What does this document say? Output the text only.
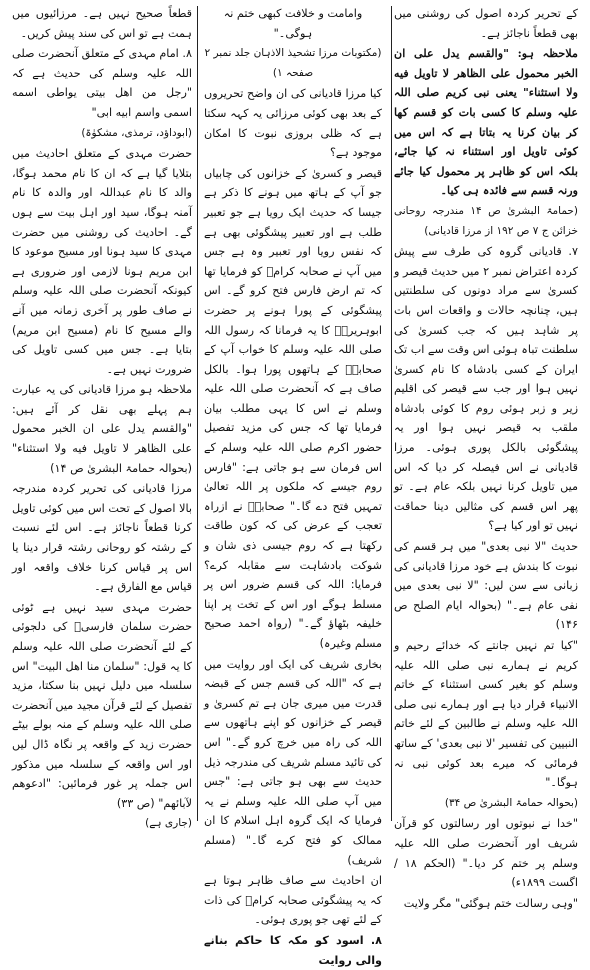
کے تحریر کردہ اصول کی روشنی میں بھی قطعاً ناجائز ہے۔

ملاحظہ ہو: "والقسم یدل علی ان الخبر محمول علی الظاهر لا تاویل فیه ولا استثناء" یعنی نبی کریم صلی اللہ علیہ وسلم کا کسی بات کو قسم کھا کر بیان کرنا یہ بتاتا ہے کہ اس میں کوئی تاویل اور استثناء نہ کیا جائے، بلکہ اس کو ظاہر پر محمول کیا جائے ورنہ قسم سے فائدہ ہی کیا۔

(حمامۃ البشریٰ ص ۱۴ مندرجہ روحانی خزائن ج ۷ ص ۱۹۲ از مرزا قادیانی)

۷. قادیانی گروہ کی طرف سے پیش کردہ اعتراض نمبر ۲ میں حدیث قیصر و کسریٰ سے مراد دونوں کی سلطنتیں ہیں، چنانچہ حالات و واقعات اس بات پر شاہد ہیں کہ جب کسریٰ کی سلطنت تباہ ہوئی اس وقت سے اب تک ایران کے کسی بادشاہ کا نام کسریٰ نہیں ہوا اور جب سے قیصر کی اقلیم زیر و زبر ہوئی روم کا کوئی بادشاہ ملقب بہ قیصر نہیں ہوا اور یہ پیشگوئی بالکل پوری ہوئی۔ مرزا قادیانی نے اس فیصلہ کر دیا کہ اس میں تاویل کرنا نہیں بلکہ عام ہے۔ تو پھر اس قسم کی مثالیں دینا حماقت نہیں تو اور کیا ہے؟

حدیث "لا نبی بعدی" میں ہر قسم کی نبوت کا بندش ہے خود مرزا قادیانی کی زبانی سے سن لیں: "لا نبی بعدی میں نفی عام ہے۔" (بحوالہ ایام الصلح ص ۱۴۶)

"کیا تم نہیں جانتے کہ خدائے رحیم و کریم نے ہمارے نبی صلی اللہ علیہ وسلم کو بغیر کسی استثناء کے خاتم الانبیاء قرار دیا ہے اور ہمارے نبی صلی اللہ علیہ وسلم نے طالبین کے لئے خاتم النبیین کی تفسیر 'لا نبی بعدی' کے ساتھ فرمائی کہ میرے بعد کوئی نبی نہ ہوگا۔"

(بحوالہ حمامۃ البشریٰ ص ۳۴)

"خدا نے نبوتوں اور رسالتوں کو قرآن شریف اور آنحضرت صلی اللہ علیہ وسلم پر ختم کر دیا۔" (الحکم ۱۸ / اگست ۱۸۹۹ء)

"وہی رسالت ختم ہوگئی" مگر ولایت

وامامت و خلافت کبھی ختم نہ ہوگی۔"

(مکتوبات مرزا تشحیذ الاذہان جلد نمبر ۲ صفحہ ۱)

کیا مرزا قادیانی کی ان واضح تحریروں کے بعد بھی کوئی مرزائی یہ کہہ سکتا ہے کہ ظلی بروزی نبوت کا امکان موجود ہے؟

قیصر و کسریٰ کے خزانوں کی چابیاں جو آپ کے ہاتھ میں ہونے کا ذکر ہے جیسا کہ حدیث ایک رویا ہے جو تعبیر طلب ہے اور تعبیر پیشگوئی بھی ہے کہ نفس رویا اور تعبیر وہ ہے جس میں آپ نے صحابہ کرامؓ کو فرمایا تھا کہ تم ارض فارس فتح کرو گے۔ اس پیشگوئی کے پورا ہونے پر حضرت ابوہریرہؓ کا یہ فرمانا کہ رسول اللہ صلی اللہ علیہ وسلم کا خواب آپ کے صحابہؓ کے ہاتھوں پورا ہوا۔ بالکل صاف ہے کہ آنحضرت صلی اللہ علیہ وسلم نے اس کا یہی مطلب بیان فرمایا تھا کہ جس کی مزید تفصیل حضور اکرم صلی اللہ علیہ وسلم کے اس فرمان سے ہو جاتی ہے: "فارس روم جیسے کہ ملکوں پر اللہ تعالیٰ تمہیں فتح دے گا۔" صحابہؓ نے ازراہ تعجب کے عرض کی کہ کون طاقت رکھتا ہے کہ روم جیسی ذی شان و شوکت بادشاہت سے مقابلہ کرے؟ فرمایا: اللہ کی قسم ضرور اس پر مسلط ہوگے اور اس کے تخت پر اپنا خلیفہ بٹھاؤ گے۔" (رواہ احمد صحیح مسلم وغیرہ)

بخاری شریف کی ایک اور روایت میں ہے کہ "اللہ کی قسم جس کے قبضہ قدرت میں میری جان ہے تم کسریٰ و قیصر کے خزانوں کو اپنے ہاتھوں سے اللہ کی راہ میں خرچ کرو گے۔" اس کی تائید مسلم شریف کی مندرجہ ذیل حدیث سے بھی ہو جاتی ہے: "جس میں آپ صلی اللہ علیہ وسلم نے یہ فرمایا کہ ایک گروہ اہل اسلام کا ان ممالک کو فتح کرے گا۔" (مسلم شریف)

ان احادیث سے صاف ظاہر ہوتا ہے کہ یہ پیشگوئی صحابہ کرامؓ کی ذات کے لئے تھی جو پوری ہوئی۔

۸. اسود کو مکہ کا حاکم بنانے والی روایت

قطعاً صحیح نہیں ہے۔ مرزائیوں میں ہمت ہے تو اس کی سند پیش کریں۔

۸. امام مہدی کے متعلق آنحضرت صلی اللہ علیہ وسلم کی حدیث ہے کہ "رجل من اهل بیتی یواطی اسمه اسمی واسم ابیه ابی"

(ابوداؤد، ترمذی، مشکوٰۃ)

حضرت مہدی کے متعلق احادیث میں بتلایا گیا ہے کہ ان کا نام محمد ہوگا، والد کا نام عبداللہ اور والدہ کا نام آمنہ ہوگا، سید اور اہل بیت سے ہوں گے۔ احادیث کی روشنی میں حضرت مہدی کا سید ہونا اور مسیح موعود کا ابن مریم ہونا لازمی اور ضروری ہے کیونکہ آنحضرت صلی اللہ علیہ وسلم نے صاف طور پر آخری زمانہ میں آنے والے مسیح کا نام (مسیح ابن مریم) بتایا ہے۔ جس میں کسی تاویل کی ضرورت نہیں ہے۔

ملاحظہ ہو مرزا قادیانی کی یہ عبارت ہم پہلے بھی نقل کر آئے ہیں: "والقسم یدل علی ان الخبر محمول علی الظاهر لا تاویل فیه ولا استثناء" (بحوالہ حمامۃ البشریٰ ص ۱۴)

مرزا قادیانی کی تحریر کردہ مندرجہ بالا اصول کے تحت اس میں کوئی تاویل کرنا قطعاً ناجائز ہے۔ اس لئے نسبت کے رشتہ کو روحانی رشتہ قرار دینا یا اس پر قیاس کرنا خلاف واقعہ اور قیاس مع الفارق ہے۔

حضرت مہدی سید نہیں ہے ٹوئی حضرت سلمان فارسیؓ کی دلجوئی کے لئے آنحضرت صلی اللہ علیہ وسلم کا یہ قول: "سلمان منا اهل البیت" اس سلسلہ میں دلیل نہیں بنا سکتا، مزید تفصیل کے لئے قرآن مجید میں آنحضرت صلی اللہ علیہ وسلم کے منہ بولے بیٹے حضرت زید کے واقعہ پر نگاہ ڈال لیں اور اس واقعہ کے سلسلہ میں مذکور اس جملہ پر غور فرمائیں: "ادعوهم لآبائهم" (ص ۳۳)

(جاری ہے)
